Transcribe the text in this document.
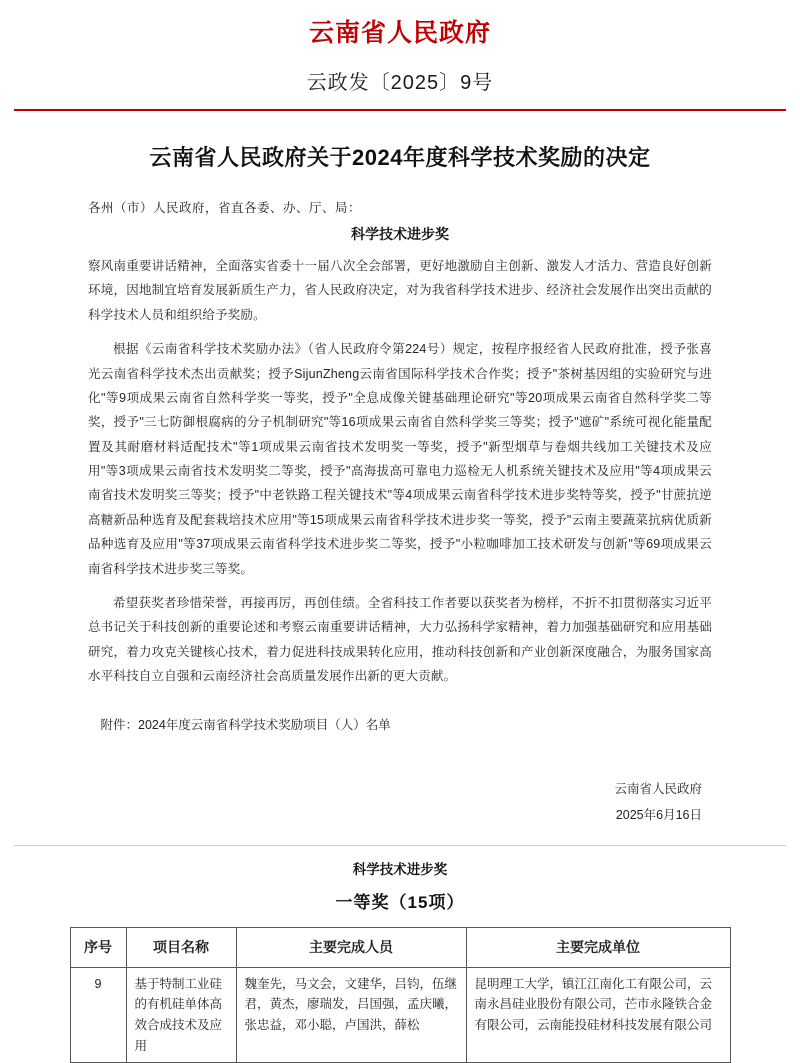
云南省人民政府
云政发〔2025〕9号
云南省人民政府关于2024年度科学技术奖励的决定
各州（市）人民政府，省直各委、办、厅、局：
科学技术进步奖

察风南重要讲话精神，全面落实省委十一届八次全会部署，更好地激励自主创新、激发人才活力、营造良好创新环境，因地制宜培育发展新质生产力，省人民政府决定，对为我省科学技术进步、经济社会发展作出突出贡献的科学技术人员和组织给予奖励。

根据《云南省科学技术奖励办法》（省人民政府令第224号）规定，按程序报经省人民政府批准，授予张喜光云南省科学技术杰出贡献奖；授予SijunZheng云南省国际科学技术合作奖；授予"茶树基因组的实验研究与进化"等9项成果云南省自然科学奖一等奖，授予"全息成像关键基础理论研究"等20项成果云南省自然科学奖二等奖，授予"三七防御根腐病的分子机制研究"等16项成果云南省自然科学奖三等奖；授予"遮矿"系统可视化能量配置及其耐磨材料适配技术"等1项成果云南省技术发明奖一等奖，授予"新型烟草与卷烟共线加工关键技术及应用"等3项成果云南省技术发明奖二等奖，授予"高海拔高可靠电力巡检无人机系统关键技术及应用"等4项成果云南省技术发明奖三等奖；授予"中老铁路工程关键技术"等4项成果云南省科学技术进步奖特等奖，授予"甘蔗抗逆高糖新品种选育及配套栽培技术应用"等15项成果云南省科学技术进步奖一等奖，授予"云南主要蔬菜抗病优质新品种选育及应用"等37项成果云南省科学技术进步奖二等奖，授予"小粒咖啡加工技术研发与创新"等69项成果云南省科学技术进步奖三等奖。

希望获奖者珍惜荣誉，再接再厉，再创佳绩。全省科技工作者要以获奖者为榜样，不折不扣贯彻落实习近平总书记关于科技创新的重要论述和考察云南重要讲话精神，大力弘扬科学家精神，着力加强基础研究和应用基础研究，着力攻克关键核心技术，着力促进科技成果转化应用，推动科技创新和产业创新深度融合，为服务国家高水平科技自立自强和云南经济社会高质量发展作出新的更大贡献。

附件：2024年度云南省科学技术奖励项目（人）名单
云南省人民政府
2025年6月16日
科学技术进步奖
一等奖（15项）
序号	项目名称	主要完成人员	主要完成单位
9	基于特制工业硅的有机硅单体高效合成技术及应用	魏奎先，马文会，文建华，吕钧，伍继君，黄杰，廖瑞发，吕国强，孟庆曦，张忠益，邓小聪，卢国洪，薛松	昆明理工大学，镇江江南化工有限公司，云南永昌硅业股份有限公司，芒市永隆铁合金有限公司，云南能投硅材科技发展有限公司
